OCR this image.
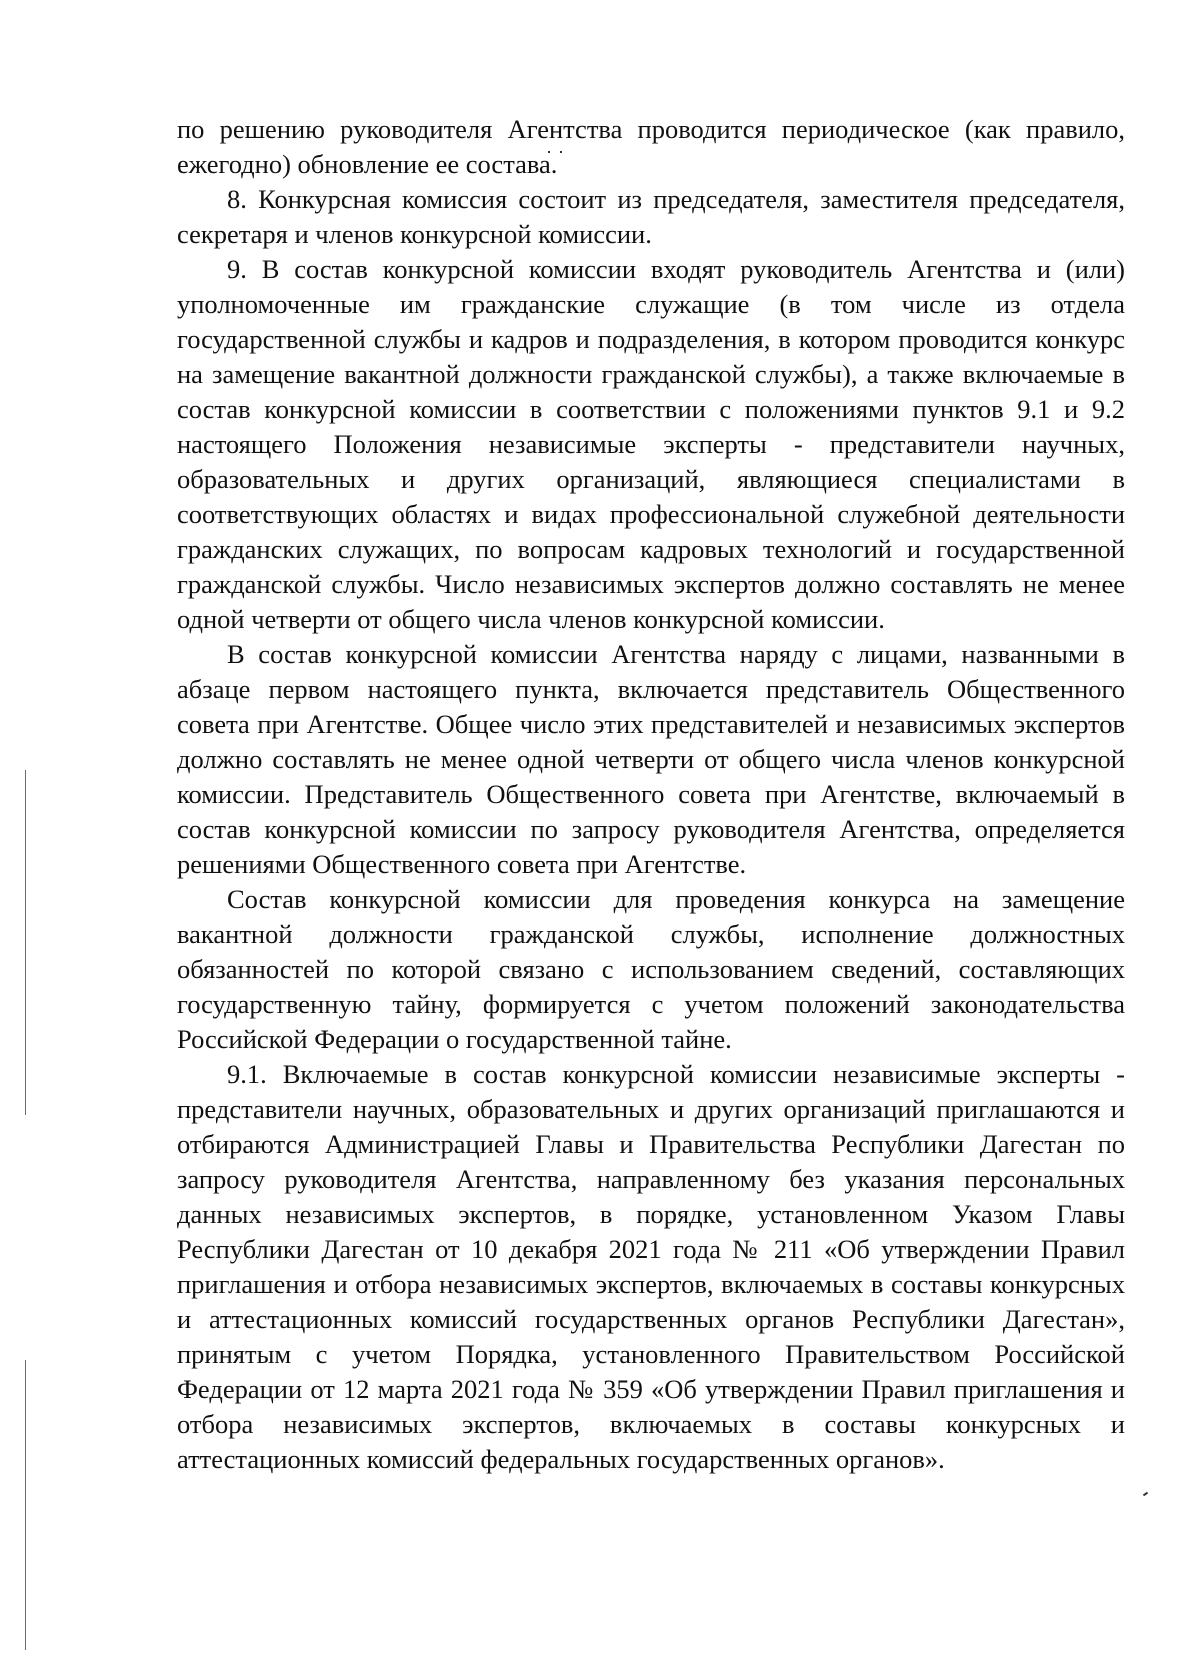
по решению руководителя Агентства проводится периодическое (как правило, ежегодно) обновление ее состава.

8. Конкурсная комиссия состоит из председателя, заместителя председателя, секретаря и членов конкурсной комиссии.

9. В состав конкурсной комиссии входят руководитель Агентства и (или) уполномоченные им гражданские служащие (в том числе из отдела государственной службы и кадров и подразделения, в котором проводится конкурс на замещение вакантной должности гражданской службы), а также включаемые в состав конкурсной комиссии в соответствии с положениями пунктов 9.1 и 9.2 настоящего Положения независимые эксперты - представители научных, образовательных и других организаций, являющиеся специалистами в соответствующих областях и видах профессиональной служебной деятельности гражданских служащих, по вопросам кадровых технологий и государственной гражданской службы. Число независимых экспертов должно составлять не менее одной четверти от общего числа членов конкурсной комиссии.

В состав конкурсной комиссии Агентства наряду с лицами, названными в абзаце первом настоящего пункта, включается представитель Общественного совета при Агентстве. Общее число этих представителей и независимых экспертов должно составлять не менее одной четверти от общего числа членов конкурсной комиссии. Представитель Общественного совета при Агентстве, включаемый в состав конкурсной комиссии по запросу руководителя Агентства, определяется решениями Общественного совета при Агентстве.

Состав конкурсной комиссии для проведения конкурса на замещение вакантной должности гражданской службы, исполнение должностных обязанностей по которой связано с использованием сведений, составляющих государственную тайну, формируется с учетом положений законодательства Российской Федерации о государственной тайне.

9.1. Включаемые в состав конкурсной комиссии независимые эксперты - представители научных, образовательных и других организаций приглашаются и отбираются Администрацией Главы и Правительства Республики Дагестан по запросу руководителя Агентства, направленному без указания персональных данных независимых экспертов, в порядке, установленном Указом Главы Республики Дагестан от 10 декабря 2021 года № 211 «Об утверждении Правил приглашения и отбора независимых экспертов, включаемых в составы конкурсных и аттестационных комиссий государственных органов Республики Дагестан», принятым с учетом Порядка, установленного Правительством Российской Федерации от 12 марта 2021 года № 359 «Об утверждении Правил приглашения и отбора независимых экспертов, включаемых в составы конкурсных и аттестационных комиссий федеральных государственных органов».
